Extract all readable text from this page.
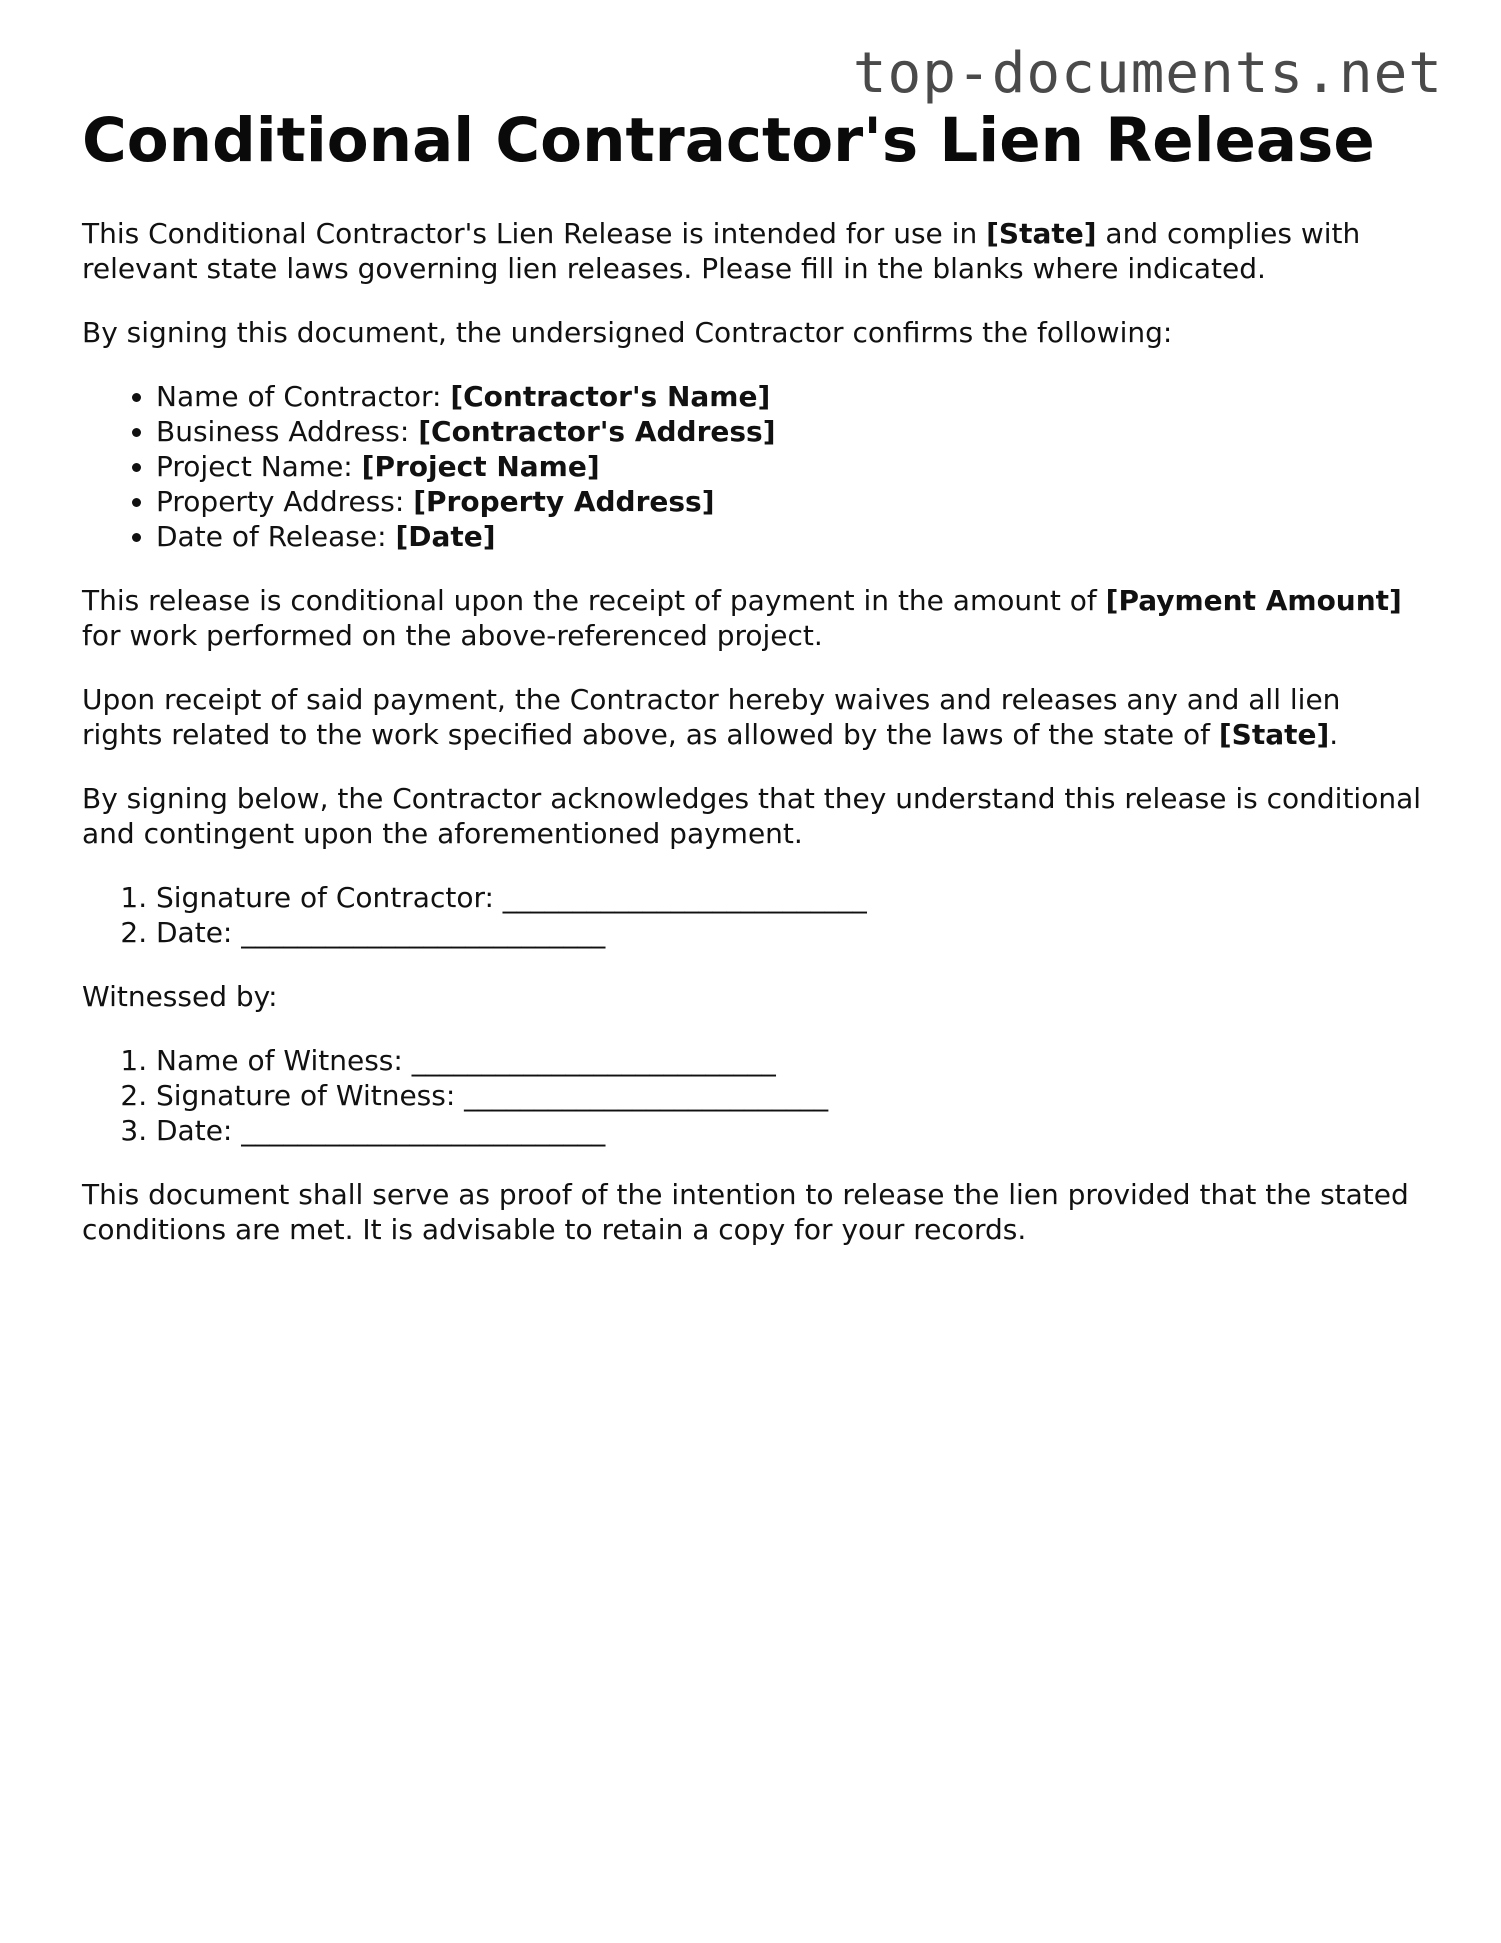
top-documents.net
Conditional Contractor's Lien Release

This Conditional Contractor's Lien Release is intended for use in [State] and complies with relevant state laws governing lien releases. Please fill in the blanks where indicated.

By signing this document, the undersigned Contractor confirms the following:

• Name of Contractor: [Contractor's Name]
• Business Address: [Contractor's Address]
• Project Name: [Project Name]
• Property Address: [Property Address]
• Date of Release: [Date]

This release is conditional upon the receipt of payment in the amount of [Payment Amount] for work performed on the above-referenced project.

Upon receipt of said payment, the Contractor hereby waives and releases any and all lien rights related to the work specified above, as allowed by the laws of the state of [State].

By signing below, the Contractor acknowledges that they understand this release is conditional and contingent upon the aforementioned payment.

1. Signature of Contractor: __________________________
2. Date: __________________________

Witnessed by:

1. Name of Witness: __________________________
2. Signature of Witness: __________________________
3. Date: __________________________

This document shall serve as proof of the intention to release the lien provided that the stated conditions are met. It is advisable to retain a copy for your records.
